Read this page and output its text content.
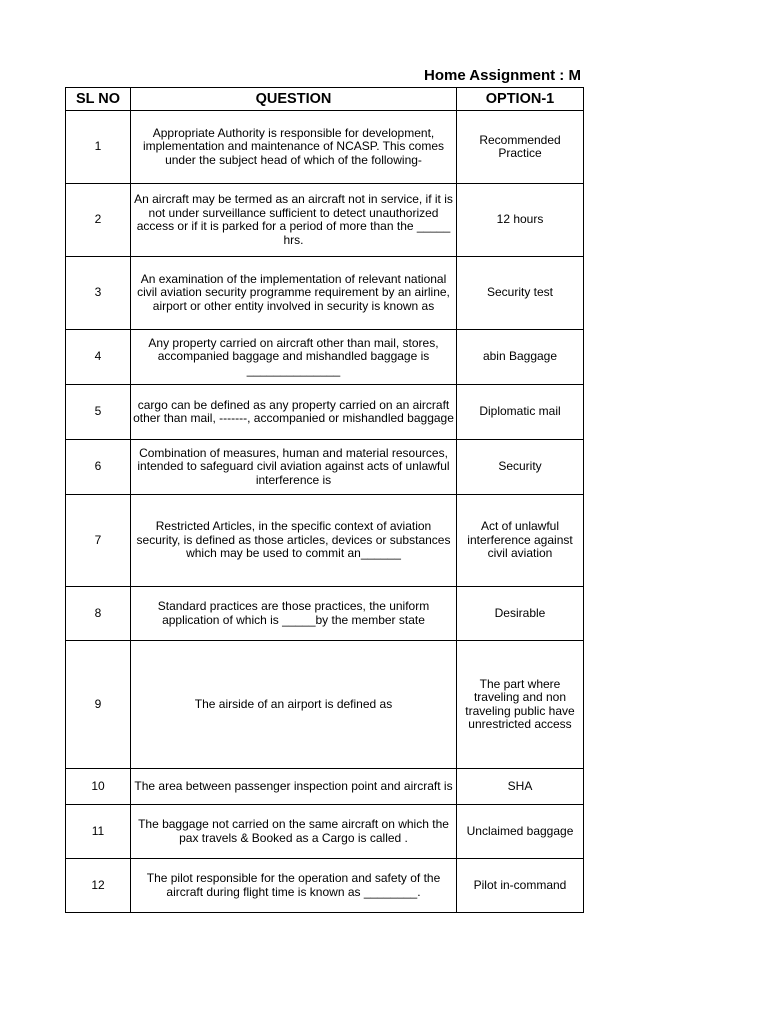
Home Assignment : M
SL NO	QUESTION	OPTION-1
1	Appropriate Authority is responsible for development, implementation and maintenance of NCASP. This comes under the subject head of which of the following-	Recommended Practice
2	An aircraft may be termed as an aircraft not in service, if it is not under surveillance sufficient to detect unauthorized access or if it is parked for a period of more than the _____ hrs.	12 hours
3	An examination of the implementation of relevant national civil aviation security programme requirement by an airline, airport or other entity involved in security is known as	Security test
4	Any property carried on aircraft other than mail, stores, accompanied baggage and mishandled baggage is ______________	abin Baggage
5	cargo can be defined as any property carried on an aircraft other than mail, -------, accompanied or mishandled baggage	Diplomatic mail
6	Combination of measures, human and material resources, intended to safeguard civil aviation against acts of unlawful interference is	Security
7	Restricted Articles, in the specific context of aviation security, is defined as those articles, devices or substances which may be used to commit an______	Act of unlawful interference against civil aviation
8	Standard practices are those practices, the uniform application of which is _____by the member state	Desirable
9	The airside of an airport is defined as	The part where traveling and non traveling public have unrestricted access
10	The area between passenger inspection point and aircraft is	SHA
11	The baggage not carried on the same aircraft on which the pax travels & Booked as a Cargo is called .	Unclaimed baggage
12	The pilot responsible for the operation and safety of the aircraft during flight time is known as ________.	Pilot in-command
